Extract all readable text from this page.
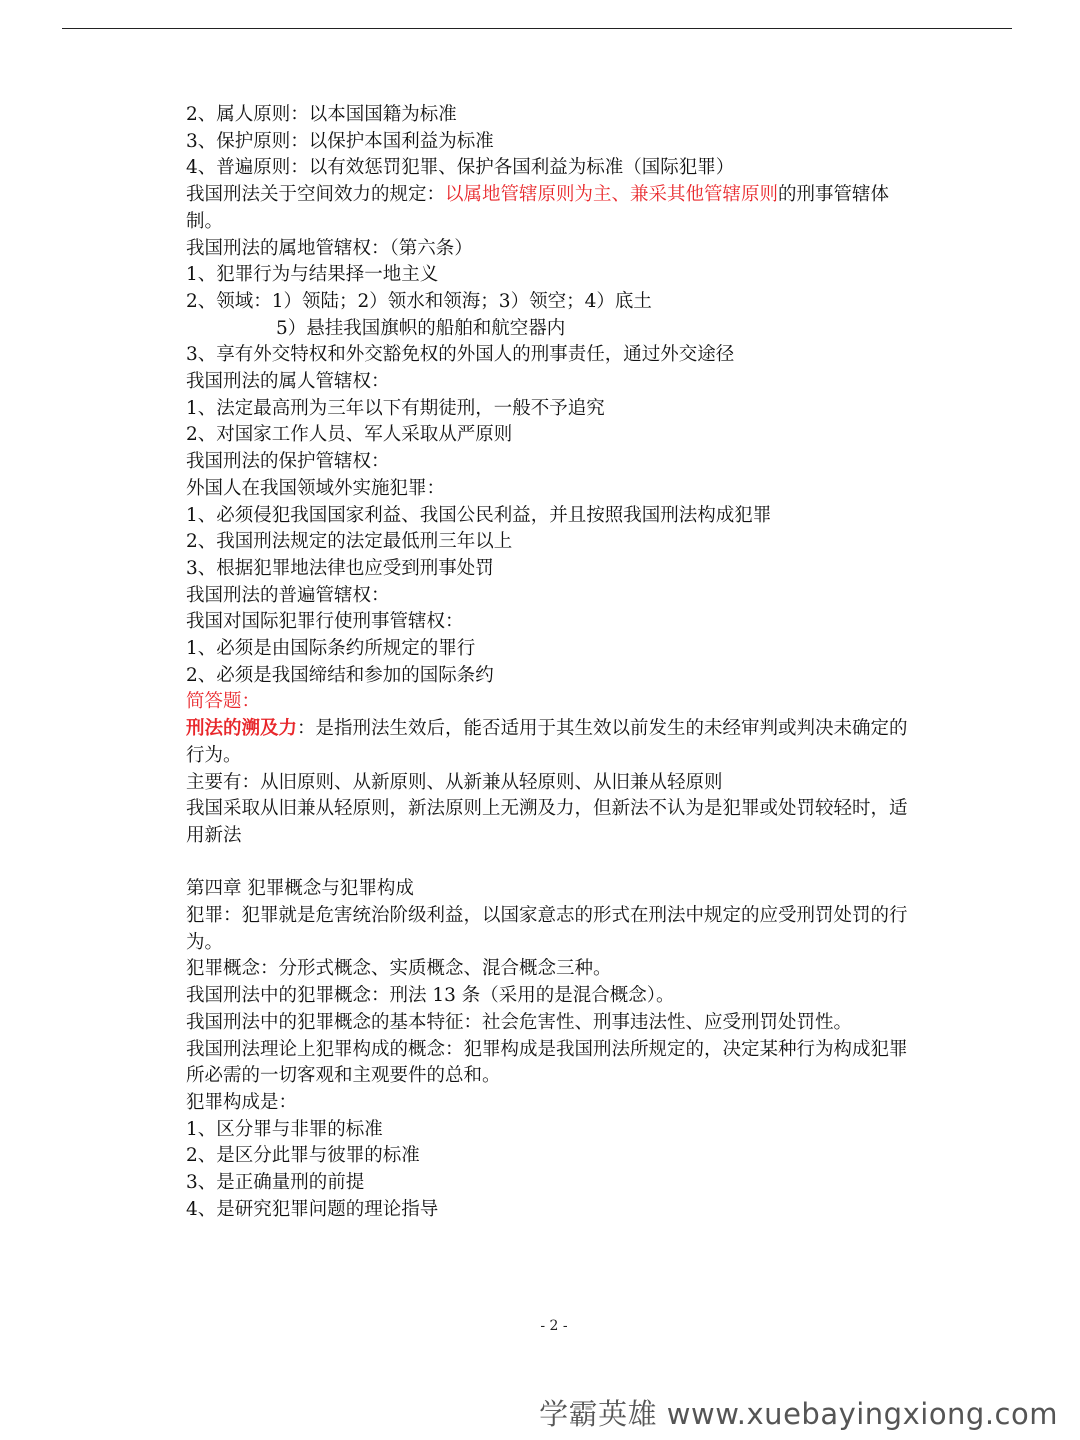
2、属人原则：以本国国籍为标准
3、保护原则：以保护本国利益为标准
4、普遍原则：以有效惩罚犯罪、保护各国利益为标准（国际犯罪）
我国刑法关于空间效力的规定：以属地管辖原则为主、兼采其他管辖原则的刑事管辖体制。
我国刑法的属地管辖权：（第六条）
1、犯罪行为与结果择一地主义
2、领域：1）领陆；2）领水和领海；3）领空；4）底土
5）悬挂我国旗帜的船舶和航空器内
3、享有外交特权和外交豁免权的外国人的刑事责任，通过外交途径
我国刑法的属人管辖权：
1、法定最高刑为三年以下有期徒刑，一般不予追究
2、对国家工作人员、军人采取从严原则
我国刑法的保护管辖权：
外国人在我国领域外实施犯罪：
1、必须侵犯我国国家利益、我国公民利益，并且按照我国刑法构成犯罪
2、我国刑法规定的法定最低刑三年以上
3、根据犯罪地法律也应受到刑事处罚
我国刑法的普遍管辖权：
我国对国际犯罪行使刑事管辖权：
1、必须是由国际条约所规定的罪行
2、必须是我国缔结和参加的国际条约
简答题：
刑法的溯及力：是指刑法生效后，能否适用于其生效以前发生的未经审判或判决未确定的行为。
主要有：从旧原则、从新原则、从新兼从轻原则、从旧兼从轻原则
我国采取从旧兼从轻原则，新法原则上无溯及力，但新法不认为是犯罪或处罚较轻时，适用新法
第四章 犯罪概念与犯罪构成
犯罪：犯罪就是危害统治阶级利益，以国家意志的形式在刑法中规定的应受刑罚处罚的行为。
犯罪概念：分形式概念、实质概念、混合概念三种。
我国刑法中的犯罪概念：刑法 13 条（采用的是混合概念）。
我国刑法中的犯罪概念的基本特征：社会危害性、刑事违法性、应受刑罚处罚性。
我国刑法理论上犯罪构成的概念：犯罪构成是我国刑法所规定的，决定某种行为构成犯罪所必需的一切客观和主观要件的总和。
犯罪构成是：
1、区分罪与非罪的标准
2、是区分此罪与彼罪的标准
3、是正确量刑的前提
4、是研究犯罪问题的理论指导
- 2 -
学霸英雄 www.xuebayingxiong.com
